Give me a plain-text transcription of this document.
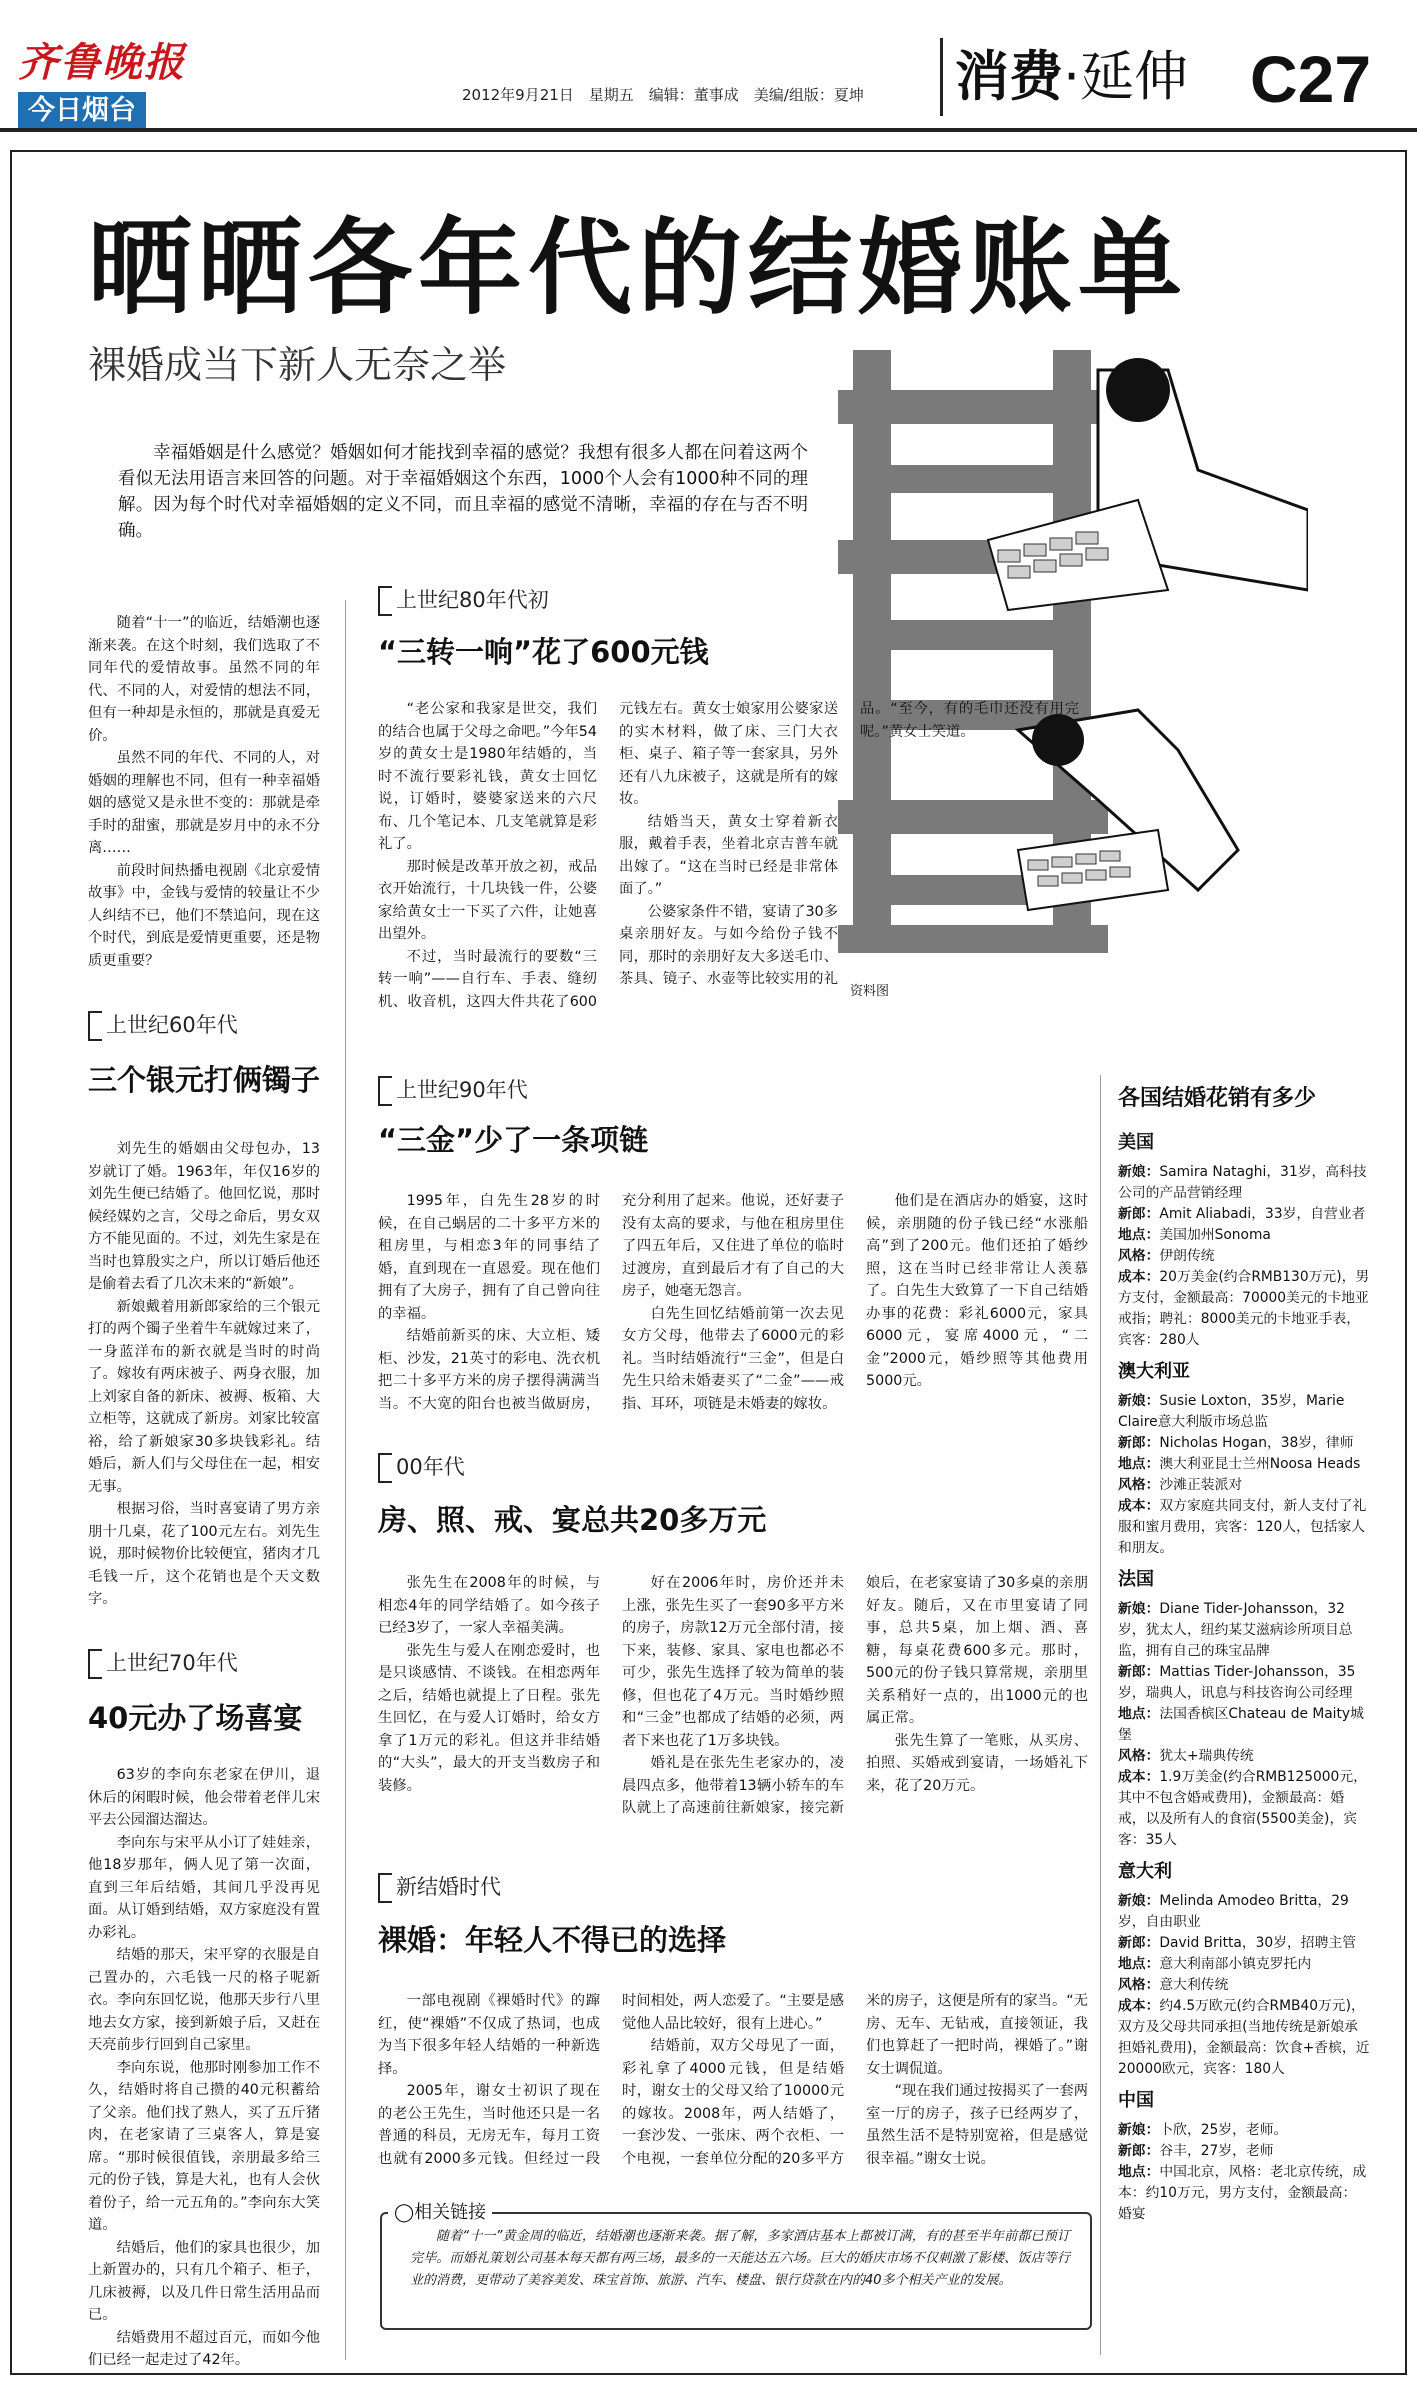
齐鲁晚报
今日烟台	2012年9月21日　星期五　编辑：董事成　美编/组版：夏坤 消费·延伸 C27
晒晒各年代的结婚账单
裸婚成当下新人无奈之举
幸福婚姻是什么感觉？婚姻如何才能找到幸福的感觉？我想有很多人都在问着这两个看似无法用语言来回答的问题。对于幸福婚姻这个东西，1000个人会有1000种不同的理解。因为每个时代对幸福婚姻的定义不同，而且幸福的感觉不清晰，幸福的存在与否不明确。
资料图

随着“十一”的临近，结婚潮也逐渐来袭。在这个时刻，我们选取了不同年代的爱情故事。虽然不同的年代、不同的人，对爱情的想法不同，但有一种却是永恒的，那就是真爱无价。

虽然不同的年代、不同的人，对婚姻的理解也不同，但有一种幸福婚姻的感觉又是永世不变的：那就是牵手时的甜蜜，那就是岁月中的永不分离……

前段时间热播电视剧《北京爱情故事》中，金钱与爱情的较量让不少人纠结不已，他们不禁追问，现在这个时代，到底是爱情更重要，还是物质更重要？

上世纪60年代
三个银元打俩镯子

刘先生的婚姻由父母包办，13岁就订了婚。1963年，年仅16岁的刘先生便已结婚了。他回忆说，那时候经媒妁之言，父母之命后，男女双方不能见面的。不过，刘先生家是在当时也算殷实之户，所以订婚后他还是偷着去看了几次未来的“新娘”。

新娘戴着用新郎家给的三个银元打的两个镯子坐着牛车就嫁过来了，一身蓝洋布的新衣就是当时的时尚了。嫁妆有两床被子、两身衣服，加上刘家自备的新床、被褥、板箱、大立柜等，这就成了新房。刘家比较富裕，给了新娘家30多块钱彩礼。结婚后，新人们与父母住在一起，相安无事。

根据习俗，当时喜宴请了男方亲朋十几桌，花了100元左右。刘先生说，那时候物价比较便宜，猪肉才几毛钱一斤，这个花销也是个天文数字。

上世纪70年代
40元办了场喜宴

63岁的李向东老家在伊川，退休后的闲暇时候，他会带着老伴儿宋平去公园溜达溜达。

李向东与宋平从小订了娃娃亲，他18岁那年，俩人见了第一次面，直到三年后结婚，其间几乎没再见面。从订婚到结婚，双方家庭没有置办彩礼。

结婚的那天，宋平穿的衣服是自己置办的，六毛钱一尺的格子呢新衣。李向东回忆说，他那天步行八里地去女方家，接到新娘子后，又赶在天亮前步行回到自己家里。

李向东说，他那时刚参加工作不久，结婚时将自己攒的40元积蓄给了父亲。他们找了熟人，买了五斤猪肉，在老家请了三桌客人，算是宴席。“那时候很值钱，亲朋最多给三元的份子钱，算是大礼，也有人会伙着份子，给一元五角的。”李向东大笑道。

结婚后，他们的家具也很少，加上新置办的，只有几个箱子、柜子，几床被褥，以及几件日常生活用品而已。

结婚费用不超过百元，而如今他们已经一起走过了42年。

上世纪80年代初
“三转一响”花了600元钱

“老公家和我家是世交，我们的结合也属于父母之命吧。”今年54岁的黄女士是1980年结婚的，当时不流行要彩礼钱，黄女士回忆说，订婚时，婆婆家送来的六尺布、几个笔记本、几支笔就算是彩礼了。

那时候是改革开放之初，戒品衣开始流行，十几块钱一件，公婆家给黄女士一下买了六件，让她喜出望外。

不过，当时最流行的要数“三转一响”——自行车、手表、缝纫机、收音机，这四大件共花了600元钱左右。黄女士娘家用公婆家送的实木材料，做了床、三门大衣柜、桌子、箱子等一套家具，另外还有八九床被子，这就是所有的嫁妆。

结婚当天，黄女士穿着新衣服，戴着手表，坐着北京吉普车就出嫁了。“这在当时已经是非常体面了。”

公婆家条件不错，宴请了30多桌亲朋好友。与如今给份子钱不同，那时的亲朋好友大多送毛巾、茶具、镜子、水壶等比较实用的礼品。“至今，有的毛巾还没有用完呢。”黄女士笑道。

上世纪90年代
“三金”少了一条项链

1995年，白先生28岁的时候，在自己蜗居的二十多平方米的租房里，与相恋3年的同事结了婚，直到现在一直恩爱。现在他们拥有了大房子，拥有了自己曾向往的幸福。

结婚前新买的床、大立柜、矮柜、沙发，21英寸的彩电、洗衣机把二十多平方米的房子摆得满满当当。不大宽的阳台也被当做厨房，充分利用了起来。他说，还好妻子没有太高的要求，与他在租房里住了四五年后，又住进了单位的临时过渡房，直到最后才有了自己的大房子，她毫无怨言。

白先生回忆结婚前第一次去见女方父母，他带去了6000元的彩礼。当时结婚流行“三金”，但是白先生只给未婚妻买了“二金”——戒指、耳环，项链是未婚妻的嫁妆。

他们是在酒店办的婚宴，这时候，亲朋随的份子钱已经“水涨船高”到了200元。他们还拍了婚纱照，这在当时已经非常让人羡慕了。白先生大致算了一下自己结婚办事的花费：彩礼6000元，家具6000元，宴席4000元，“二金”2000元，婚纱照等其他费用5000元。

00年代
房、照、戒、宴总共20多万元

张先生在2008年的时候，与相恋4年的同学结婚了。如今孩子已经3岁了，一家人幸福美满。

张先生与爱人在刚恋爱时，也是只谈感情、不谈钱。在相恋两年之后，结婚也就提上了日程。张先生回忆，在与爱人订婚时，给女方拿了1万元的彩礼。但这并非结婚的“大头”，最大的开支当数房子和装修。

好在2006年时，房价还并未上涨，张先生买了一套90多平方米的房子，房款12万元全部付清，接下来，装修、家具、家电也都必不可少，张先生选择了较为简单的装修，但也花了4万元。当时婚纱照和“三金”也都成了结婚的必须，两者下来也花了1万多块钱。

婚礼是在张先生老家办的，凌晨四点多，他带着13辆小轿车的车队就上了高速前往新娘家，接完新娘后，在老家宴请了30多桌的亲朋好友。随后，又在市里宴请了同事，总共5桌，加上烟、酒、喜糖，每桌花费600多元。那时，500元的份子钱只算常规，亲朋里关系稍好一点的，出1000元的也属正常。

张先生算了一笔账，从买房、拍照、买婚戒到宴请，一场婚礼下来，花了20万元。

新结婚时代
裸婚：年轻人不得已的选择

一部电视剧《裸婚时代》的蹿红，使“裸婚”不仅成了热词，也成为当下很多年轻人结婚的一种新选择。

2005年，谢女士初识了现在的老公王先生，当时他还只是一名普通的科员，无房无车，每月工资也就有2000多元钱。但经过一段时间相处，两人恋爱了。“主要是感觉他人品比较好，很有上进心。”

结婚前，双方父母见了一面，彩礼拿了4000元钱，但是结婚时，谢女士的父母又给了10000元的嫁妆。2008年，两人结婚了，一套沙发、一张床、两个衣柜、一个电视，一套单位分配的20多平方米的房子，这便是所有的家当。“无房、无车、无钻戒，直接领证，我们也算赶了一把时尚，裸婚了。”谢女士调侃道。

“现在我们通过按揭买了一套两室一厅的房子，孩子已经两岁了，虽然生活不是特别宽裕，但是感觉很幸福。”谢女士说。

各国结婚花销有多少
美国

新娘：Samira Nataghi，31岁，高科技公司的产品营销经理

新郎：Amit Aliabadi，33岁，自营业者

地点：美国加州Sonoma

风格：伊朗传统

成本：20万美金(约合RMB130万元)，男方支付，金额最高：70000美元的卡地亚戒指；聘礼：8000美元的卡地亚手表，宾客：280人

澳大利亚

新娘：Susie Loxton，35岁，Marie Claire意大利版市场总监

新郎：Nicholas Hogan，38岁，律师

地点：澳大利亚昆士兰州Noosa Heads

风格：沙滩正装派对

成本：双方家庭共同支付，新人支付了礼服和蜜月费用，宾客：120人，包括家人和朋友。

法国

新娘：Diane Tider-Johansson，32岁，犹太人，纽约某艾滋病诊所项目总监，拥有自己的珠宝品牌

新郎：Mattias Tider-Johansson，35岁，瑞典人，讯息与科技咨询公司经理

地点：法国香槟区Chateau de Maity城堡

风格：犹太+瑞典传统

成本：1.9万美金(约合RMB125000元，其中不包含婚戒费用)，金额最高：婚戒，以及所有人的食宿(5500美金)，宾客：35人

意大利

新娘：Melinda Amodeo Britta，29岁，自由职业

新郎：David Britta，30岁，招聘主管

地点：意大利南部小镇克罗托内

风格：意大利传统

成本：约4.5万欧元(约合RMB40万元)，双方及父母共同承担(当地传统是新娘承担婚礼费用)，金额最高：饮食+香槟，近20000欧元，宾客：180人

中国

新娘：卜欣，25岁，老师。

新郎：谷丰，27岁，老师

地点：中国北京，风格：老北京传统，成本：约10万元，男方支付，金额最高：婚宴

◯相关链接
随着“十一”黄金周的临近，结婚潮也逐渐来袭。据了解，多家酒店基本上都被订满，有的甚至半年前都已预订完毕。而婚礼策划公司基本每天都有两三场，最多的一天能达五六场。巨大的婚庆市场不仅刺激了影楼、饭店等行业的消费，更带动了美容美发、珠宝首饰、旅游、汽车、楼盘、银行贷款在内的40多个相关产业的发展。
